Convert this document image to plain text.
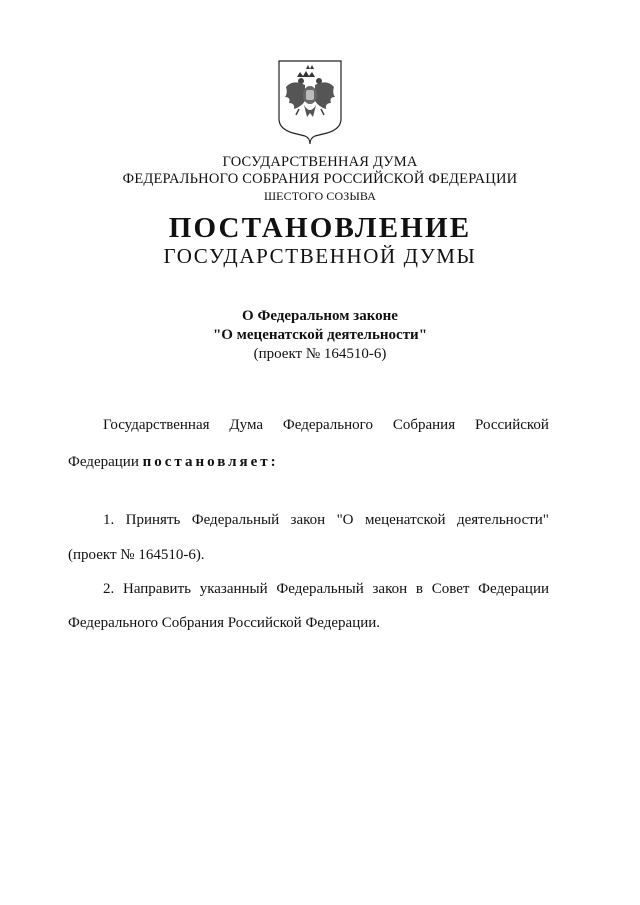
ГОСУДАРСТВЕННАЯ ДУМА
ФЕДЕРАЛЬНОГО СОБРАНИЯ РОССИЙСКОЙ ФЕДЕРАЦИИ
ШЕСТОГО СОЗЫВА
ПОСТАНОВЛЕНИЕ
ГОСУДАРСТВЕННОЙ ДУМЫ
О Федеральном законе
"О меценатской деятельности"
(проект № 164510-6)
Государственная Дума Федерального Собрания Российской
Федерации постановляет:
1. Принять Федеральный закон "О меценатской деятельности"
(проект № 164510-6).
2. Направить указанный Федеральный закон в Совет Федерации
Федерального Собрания Российской Федерации.
